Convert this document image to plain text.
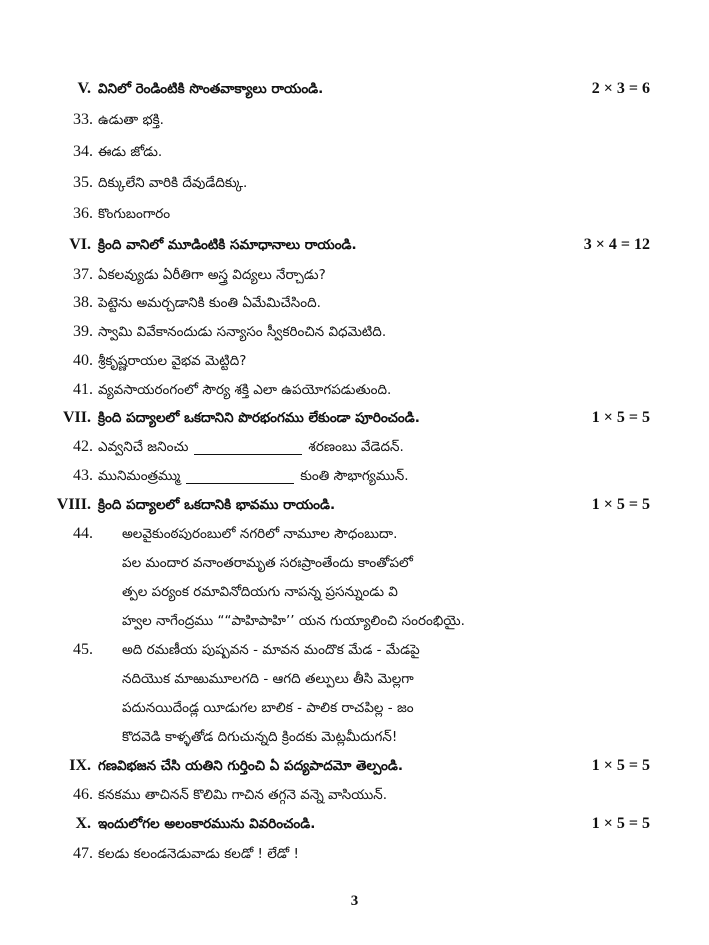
V. వినిలో రెండింటికి సొంతవాక్యాలు రాయండి.	2 × 3 = 6
33. ఉడుతా భక్తి.
34. ఈడు జోడు.
35. దిక్కులేని వారికి దేవుడేదిక్కు.
36. కొంగుబంగారం
VI. క్రింది వానిలో మూడింటికి సమాధానాలు రాయండి.	3 × 4 = 12
37. ఏకలవ్యుడు ఏరీతిగా అస్త్ర విద్యలు నేర్చాడు?
38. పెట్టెను అమర్చడానికి కుంతి ఏమేమిచేసింది.
39. స్వామి వివేకానందుడు సన్యాసం స్వీకరించిన విధమెటిది.
40. శ్రీకృష్ణరాయల వైభవ మెట్టిది?
41. వ్యవసాయరంగంలో సౌర్య శక్తి ఎలా ఉపయోగపడుతుంది.
VII. క్రింది పద్యాలలో ఒకదానిని పొరభంగము లేకుండా పూరించండి.	1 × 5 = 5
42. ఎవ్వనిచే జనించు	శరణంబు వేడెదన్.
43. మునిమంత్రమ్ము	కుంతి సౌభాగ్యమున్.
VIII. క్రింది పద్యాలలో ఒకదానికి భావము రాయండి.	1 × 5 = 5
44. అలవైకుంఠపురంబులో నగరిలో నామూల సౌధంబుదా.
పల మందార వనాంతరామృత సరఃప్రాంతేందు కాంతోపలో
త్పల పర్యంక రమావినోదియగు నాపన్న ప్రసన్నుండు వి
హ్వల నాగేంద్రము ““పాహిపాహి’’ యన గుయ్యాలించి సంరంభియై.
45. అది రమణీయ పుష్పవన - మావన మందొక మేడ - మేడపై
నదియొక మాఱుమూలగది - ఆగది తల్పులు తీసి మెల్లగా
పదునయిదేండ్ల యీడుగల బాలిక - పాలిక రాచపిల్ల - జం
కొదవెడి కాళ్ళతోడ దిగుచున్నది క్రిందకు మెట్లమీదుగన్!
IX. గణవిభజన చేసి యతిని గుర్తించి ఏ పద్యపాదమో తెల్పండి.	1 × 5 = 5
46. కనకము తాచినన్ కొలిమి గాచిన తగ్గనె వన్నె వాసియున్.
X. ఇందులోగల అలంకారమును వివరించండి.	1 × 5 = 5
47. కలడు కలండనెడువాడు కలడో ! లేడో !
3
